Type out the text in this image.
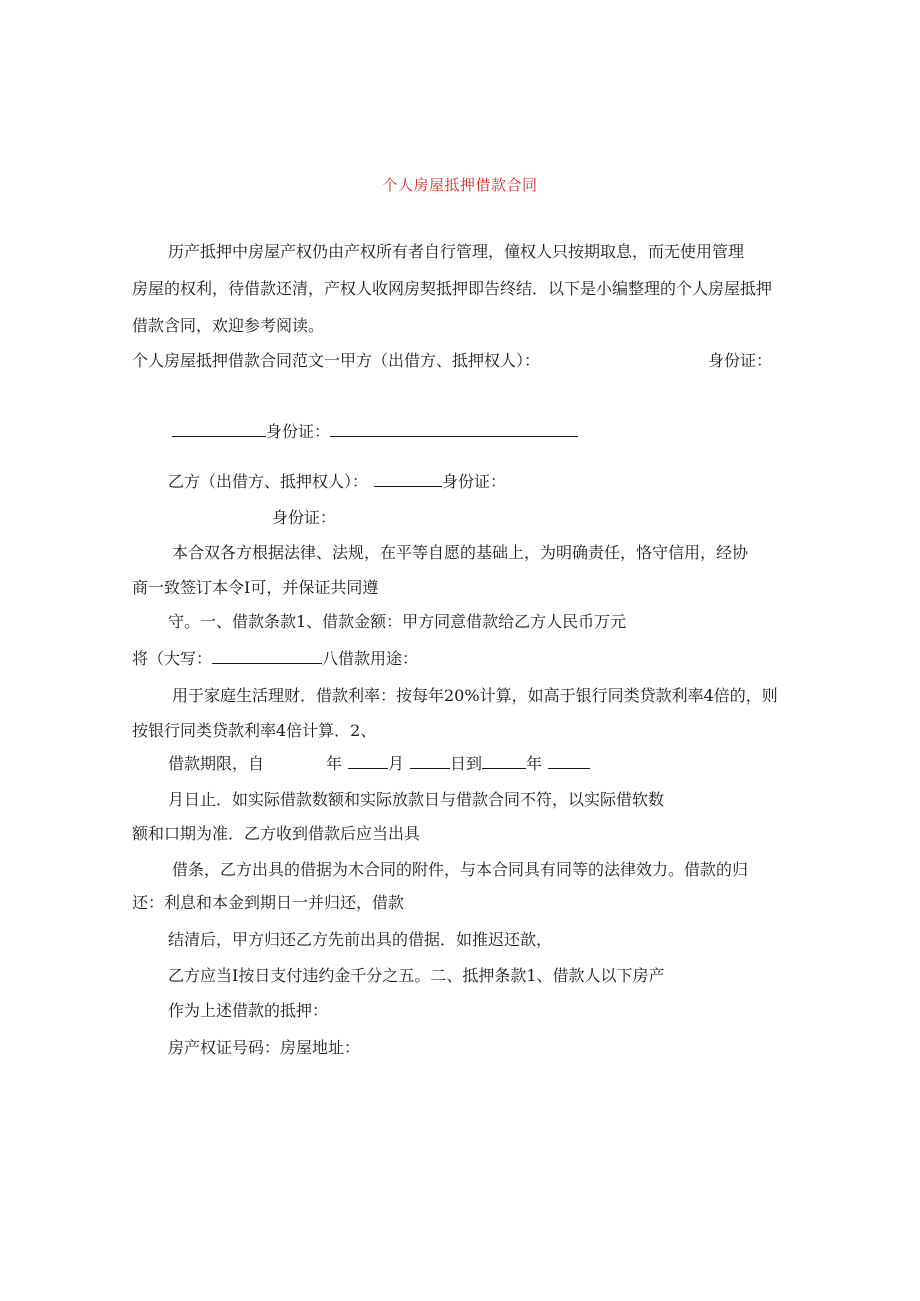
个人房屋抵押借款合同
历产抵押中房屋产权仍由产权所有者自行管理，僮权人只按期取息，而无使用管理
房屋的权利，待借款还清，产权人收网房契抵押即告终结．以下是小编整理的个人房屋抵押
借款含同，欢迎参考阅读。
个人房屋抵押借款合同范文一甲方（出借方、抵押权人）：	身份证：
身份证：
乙方（出借方、抵押权人）：	身份证：
身份证：
本合双各方根据法律、法规，在平等自愿的基础上，为明确责任，恪守信用，经协
商一致签订本令I可，并保证共同遵
守。一、借款条款1、借款金额：甲方同意借款给乙方人民币万元
将（大写：	八借款用途：
用于家庭生活理财．借款利率：按每年20%计算，如高于银行同类贷款利率4倍的，则
按银行同类贷款利率4倍计算．2、
借款期限，自	年	月	日到	年
月日止．如实际借款数额和实际放款日与借款合同不符，以实际借软数
额和口期为准．乙方收到借款后应当出具
借条，乙方出具的借据为木合同的附件，与本合同具有同等的法律效力。借款的归
还：利息和本金到期日一并归还，借款
结清后，甲方归还乙方先前出具的借据．如推迟还歆，
乙方应当I按日支付违约金千分之五。二、抵押条款1、借款人以下房产
作为上述借款的抵押：
房产权证号码：房屋地址：
